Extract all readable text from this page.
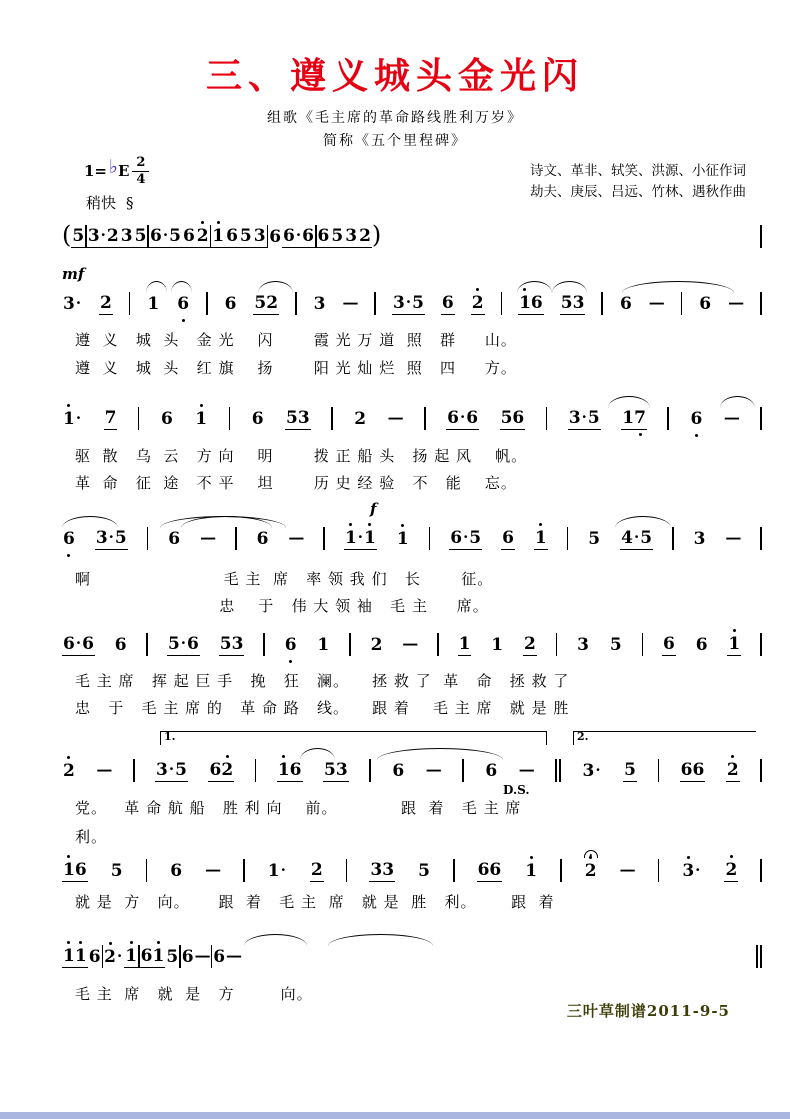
三、遵义城头金光闪
组歌《毛主席的革命路线胜利万岁》
简称《五个里程碑》
1= ♭ E $\frac{2}{4}$
稍快 §
诗文、革非、轼笑、洪源、小征作词
劫夫、庚辰、吕远、竹林、遇秋作曲
( 5 3 · 2 3 5 6 · 5 6 2 1 6 5 3 6 6 · 6 6 5 3 2 )
mf
3 · 2 1 6 6 5 2 3 — 3 · 5 6 2 1 6 5 3 6 — 6 —
遵  义   城  头   金 光    闪       霞 光 万 道  照   群     山。
遵  义   城  头   红 旗    扬       阳 光 灿 烂  照   四     方。
1 · 7	6 1	6 5 3	2 —	6 · 6 5 6	3 · 5 1 7	6 —
驱  散   乌  云   方 向    明       拨 正 船 头   扬 起 风    帆。
革  命   征  途   不 平    坦       历 史 经 验   不   能    忘。
f
6 3 · 5 6 — 6 — 1 · 1 1 6 · 5 6 1 5 4 · 5 3 —
啊                       毛 主  席   率 领 我 们   长       征。
忠    于   伟 大 领 袖   毛 主     席。
6 · 6 6 5 · 6 5 3 6 1 2 — 1 1 2 3 5 6 6 1
毛 主 席   挥 起 巨 手   挽   狂   澜。    拯 救 了  革   命   拯 救 了
忠   于   毛 主 席 的   革 命 路   线。    跟 着    毛 主 席   就 是 胜
1.	2.
D.S.
2 —	3 · 5 6 2	1 6 5 3	6 —	6 —	3 · 5	6 6 2
党。   革 命 航 船   胜 利 向    前。           跟  着   毛 主 席
利。
1 6 5	6 —	1 · 2	3 3 5	6 6 1	2 —	3 · 2
就 是  方   向。     跟  着   毛 主  席   就 是  胜   利。      跟  着
1 1 6 2 · 1 6 1 5 6 — 6 —
毛 主  席   就  是   方        向。
三叶草制谱2011-9-5
